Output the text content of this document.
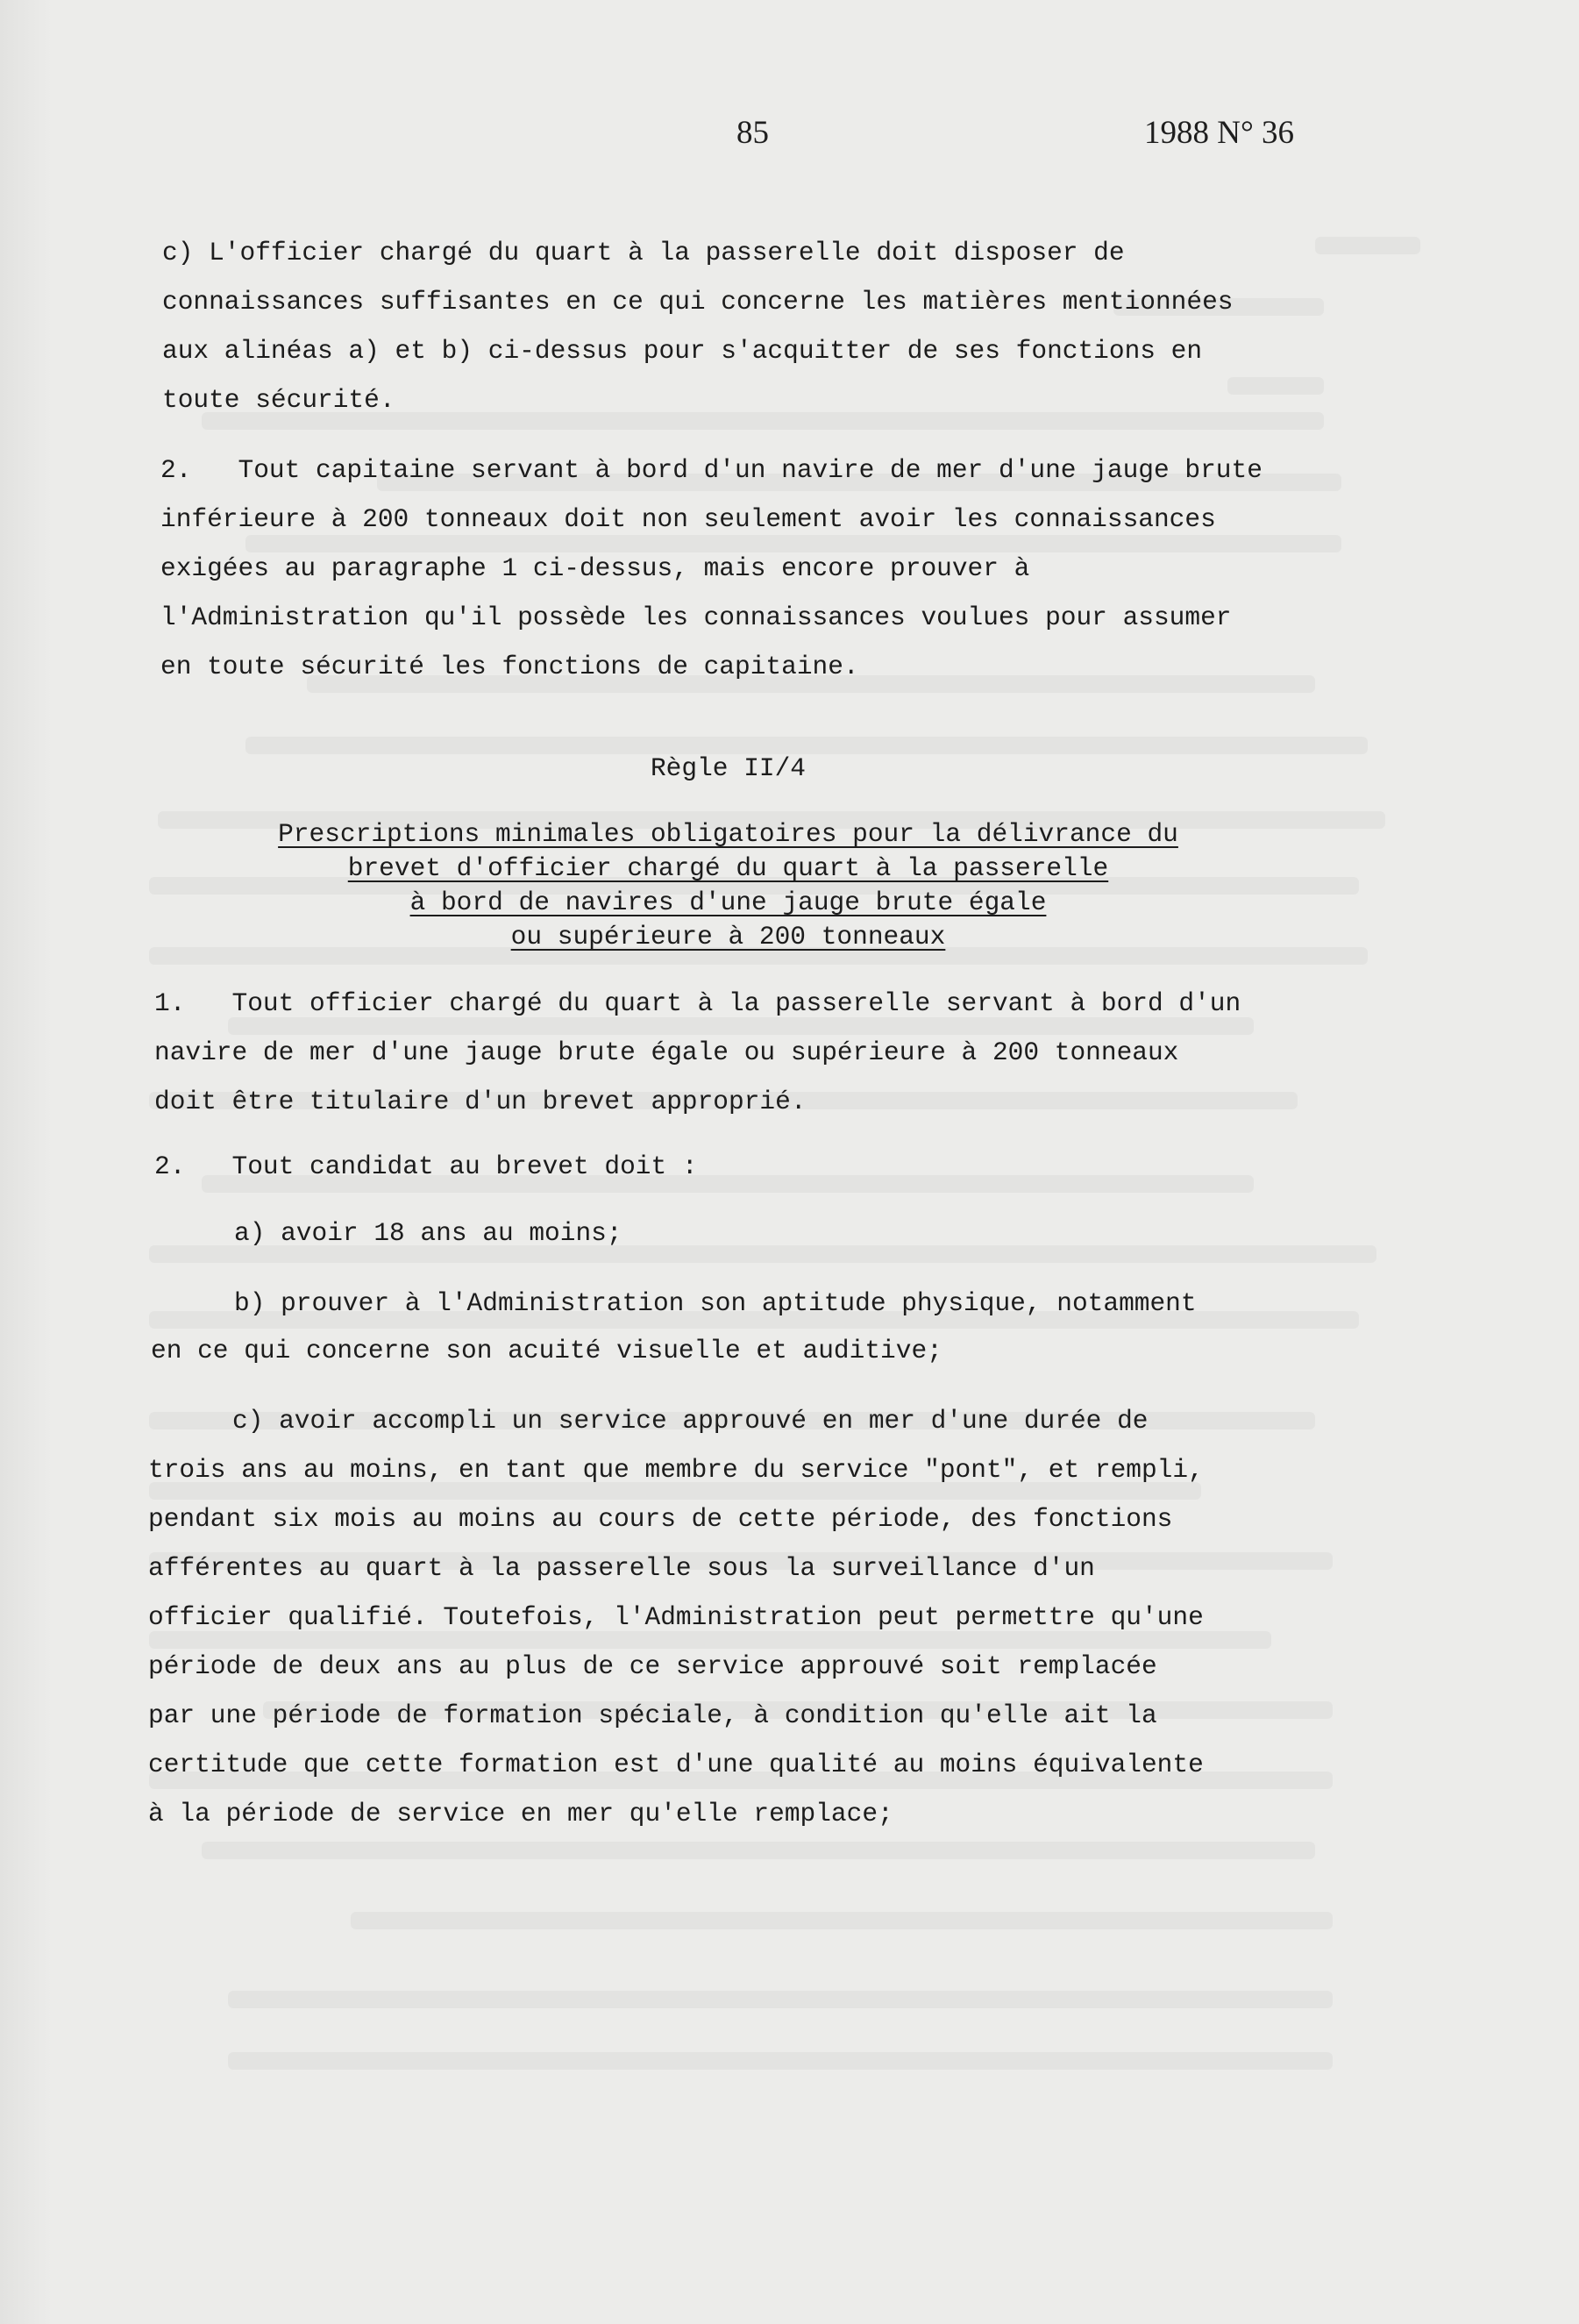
85	1988 N° 36

c) L'officier chargé du quart à la passerelle doit disposer de

connaissances suffisantes en ce qui concerne les matières mentionnées

aux alinéas a) et b) ci-dessus pour s'acquitter de ses fonctions en

toute sécurité.

2.   Tout capitaine servant à bord d'un navire de mer d'une jauge brute

inférieure à 200 tonneaux doit non seulement avoir les connaissances

exigées au paragraphe 1 ci-dessus, mais encore prouver à

l'Administration qu'il possède les connaissances voulues pour assumer

en toute sécurité les fonctions de capitaine.

Règle II/4

Prescriptions minimales obligatoires pour la délivrance du

brevet d'officier chargé du quart à la passerelle

à bord de navires d'une jauge brute égale

ou supérieure à 200 tonneaux

1.   Tout officier chargé du quart à la passerelle servant à bord d'un

navire de mer d'une jauge brute égale ou supérieure à 200 tonneaux

doit être titulaire d'un brevet approprié.

2.   Tout candidat au brevet doit :

a) avoir 18 ans au moins;

b) prouver à l'Administration son aptitude physique, notamment

en ce qui concerne son acuité visuelle et auditive;

c) avoir accompli un service approuvé en mer d'une durée de

trois ans au moins, en tant que membre du service "pont", et rempli,

pendant six mois au moins au cours de cette période, des fonctions

afférentes au quart à la passerelle sous la surveillance d'un

officier qualifié. Toutefois, l'Administration peut permettre qu'une

période de deux ans au plus de ce service approuvé soit remplacée

par une période de formation spéciale, à condition qu'elle ait la

certitude que cette formation est d'une qualité au moins équivalente

à la période de service en mer qu'elle remplace;
